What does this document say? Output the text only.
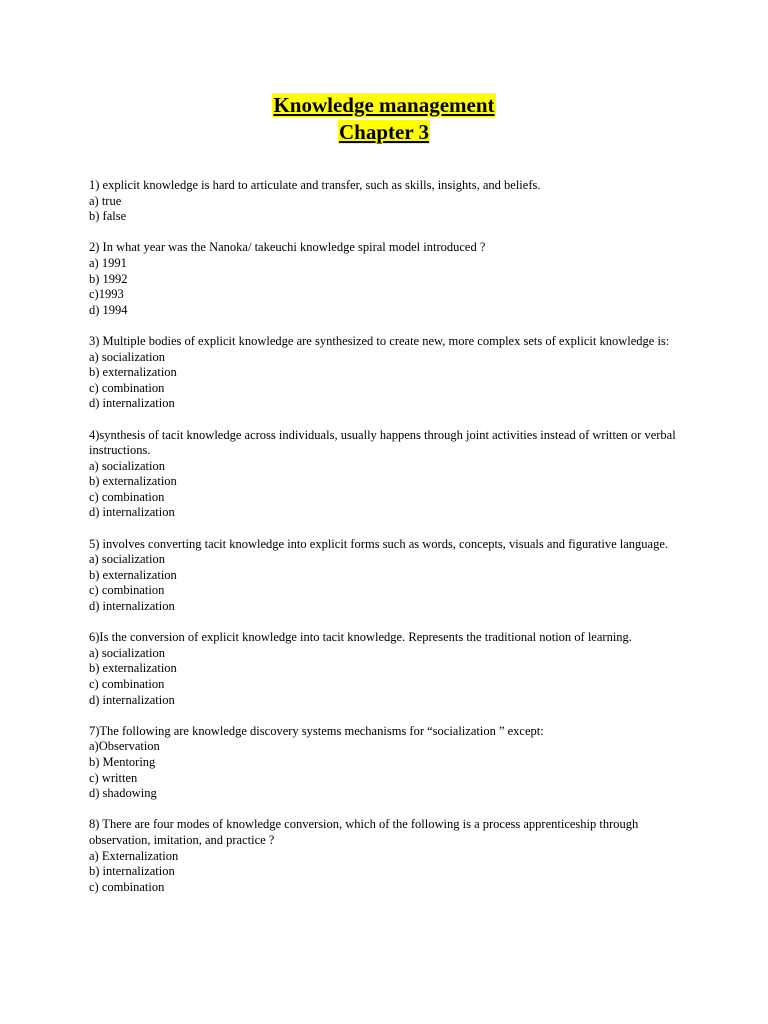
Knowledge management
Chapter 3
1) explicit knowledge is hard to articulate and transfer, such as skills, insights, and beliefs.
a) true
b) false
2) In what year was the Nanoka/ takeuchi knowledge spiral model introduced ?
a) 1991
b) 1992
c)1993
d) 1994
3) Multiple bodies of explicit knowledge are synthesized to create new, more complex sets of explicit knowledge is:
a) socialization
b) externalization
c) combination
d) internalization
4)synthesis of tacit knowledge across individuals, usually happens through joint activities instead of written or verbal instructions.
a) socialization
b) externalization
c) combination
d) internalization
5) involves converting tacit knowledge into explicit forms such as words, concepts, visuals and figurative language.
a) socialization
b) externalization
c) combination
d) internalization
6)Is the conversion of explicit knowledge into tacit knowledge. Represents the traditional notion of learning.
a) socialization
b) externalization
c) combination
d) internalization
7)The following are knowledge discovery systems mechanisms for “socialization ” except:
a)Observation
b) Mentoring
c) written
d) shadowing
8) There are four modes of knowledge conversion, which of the following is a process apprenticeship through observation, imitation, and practice ?
a) Externalization
b) internalization
c) combination
